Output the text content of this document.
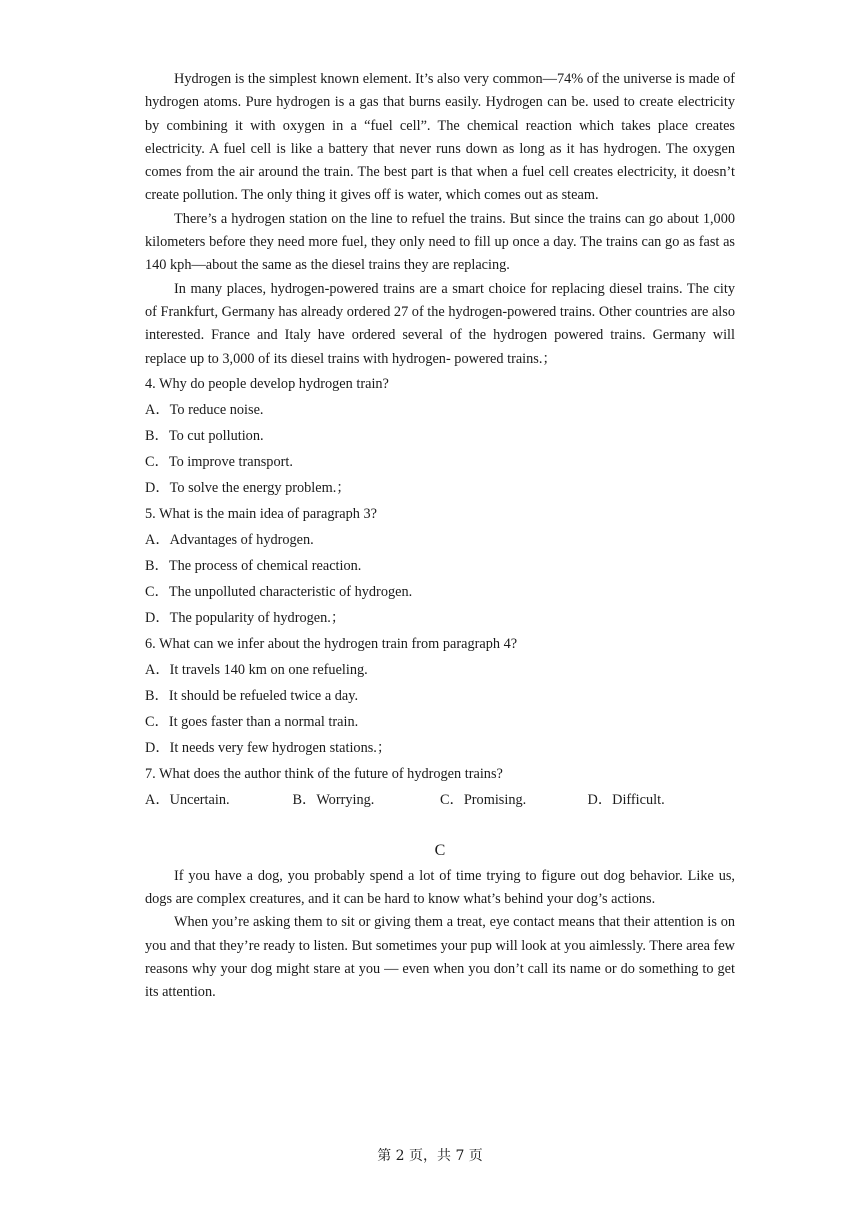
Hydrogen is the simplest known element. It’s also very common—74% of the universe is made of hydrogen atoms. Pure hydrogen is a gas that burns easily. Hydrogen can be. used to create electricity by combining it with oxygen in a “fuel cell”. The chemical reaction which takes place creates electricity. A fuel cell is like a battery that never runs down as long as it has hydrogen. The oxygen comes from the air around the train. The best part is that when a fuel cell creates electricity, it doesn’t create pollution. The only thing it gives off is water, which comes out as steam.

There’s a hydrogen station on the line to refuel the trains. But since the trains can go about 1,000 kilometers before they need more fuel, they only need to fill up once a day. The trains can go as fast as 140 kph—about the same as the diesel trains they are replacing.

In many places, hydrogen-powered trains are a smart choice for replacing diesel trains. The city of Frankfurt, Germany has already ordered 27 of the hydrogen-powered trains. Other countries are also interested. France and Italy have ordered several of the hydrogen powered trains. Germany will replace up to 3,000 of its diesel trains with hydrogen- powered trains.；

4. Why do people develop hydrogen train?

A．To reduce noise.

B．To cut pollution.

C．To improve transport.

D．To solve the energy problem.；

5. What is the main idea of paragraph 3?

A．Advantages of hydrogen.

B．The process of chemical reaction.

C．The unpolluted characteristic of hydrogen.

D．The popularity of hydrogen.；

6. What can we infer about the hydrogen train from paragraph 4?

A．It travels 140 km on one refueling.

B．It should be refueled twice a day.

C．It goes faster than a normal train.

D．It needs very few hydrogen stations.；

7. What does the author think of the future of hydrogen trains?

A．Uncertain.	B．Worrying.	C．Promising.	D．Difficult.
C

If you have a dog, you probably spend a lot of time trying to figure out dog behavior. Like us, dogs are complex creatures, and it can be hard to know what’s behind your dog’s actions.

When you’re asking them to sit or giving them a treat, eye contact means that their attention is on you and that they’re ready to listen. But sometimes your pup will look at you aimlessly. There area few reasons why your dog might stare at you — even when you don’t call its name or do something to get its attention.

第 2 页，共 7 页
